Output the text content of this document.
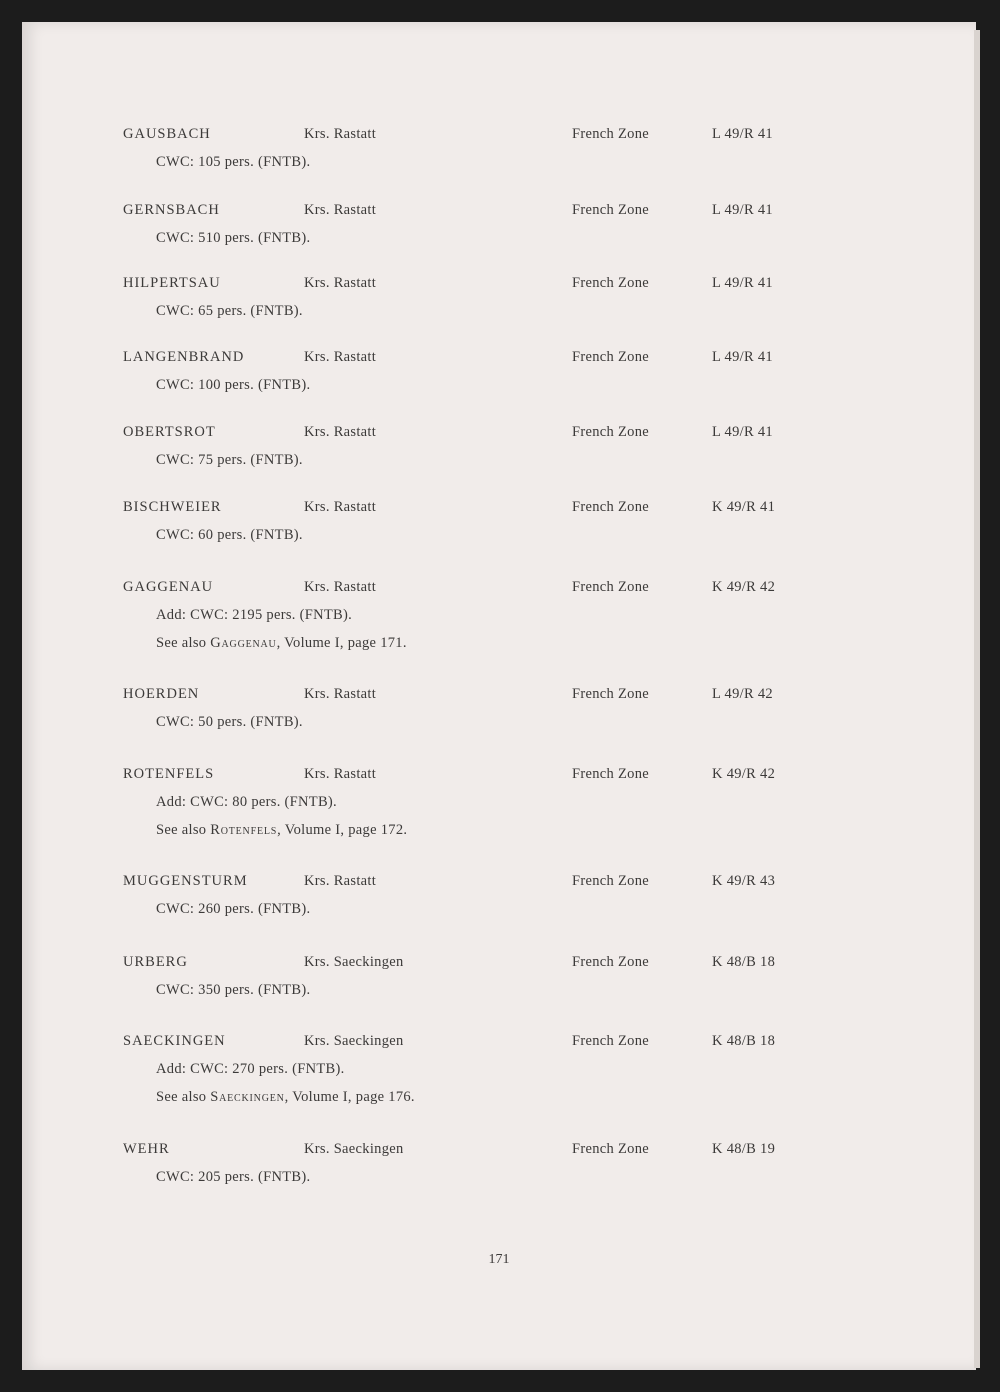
GAUSBACH	Krs. Rastatt	French Zone	L 49/R 41
CWC: 105 pers. (FNTB).
GERNSBACH	Krs. Rastatt	French Zone	L 49/R 41
CWC: 510 pers. (FNTB).
HILPERTSAU	Krs. Rastatt	French Zone	L 49/R 41
CWC: 65 pers. (FNTB).
LANGENBRAND	Krs. Rastatt	French Zone	L 49/R 41
CWC: 100 pers. (FNTB).
OBERTSROT	Krs. Rastatt	French Zone	L 49/R 41
CWC: 75 pers. (FNTB).
BISCHWEIER	Krs. Rastatt	French Zone	K 49/R 41
CWC: 60 pers. (FNTB).
GAGGENAU	Krs. Rastatt	French Zone	K 49/R 42
Add: CWC: 2195 pers. (FNTB).
See also Gaggenau, Volume I, page 171.
HOERDEN	Krs. Rastatt	French Zone	L 49/R 42
CWC: 50 pers. (FNTB).
ROTENFELS	Krs. Rastatt	French Zone	K 49/R 42
Add: CWC: 80 pers. (FNTB).
See also Rotenfels, Volume I, page 172.
MUGGENSTURM	Krs. Rastatt	French Zone	K 49/R 43
CWC: 260 pers. (FNTB).
URBERG	Krs. Saeckingen	French Zone	K 48/B 18
CWC: 350 pers. (FNTB).
SAECKINGEN	Krs. Saeckingen	French Zone	K 48/B 18
Add: CWC: 270 pers. (FNTB).
See also Saeckingen, Volume I, page 176.
WEHR	Krs. Saeckingen	French Zone	K 48/B 19
CWC: 205 pers. (FNTB).
171
